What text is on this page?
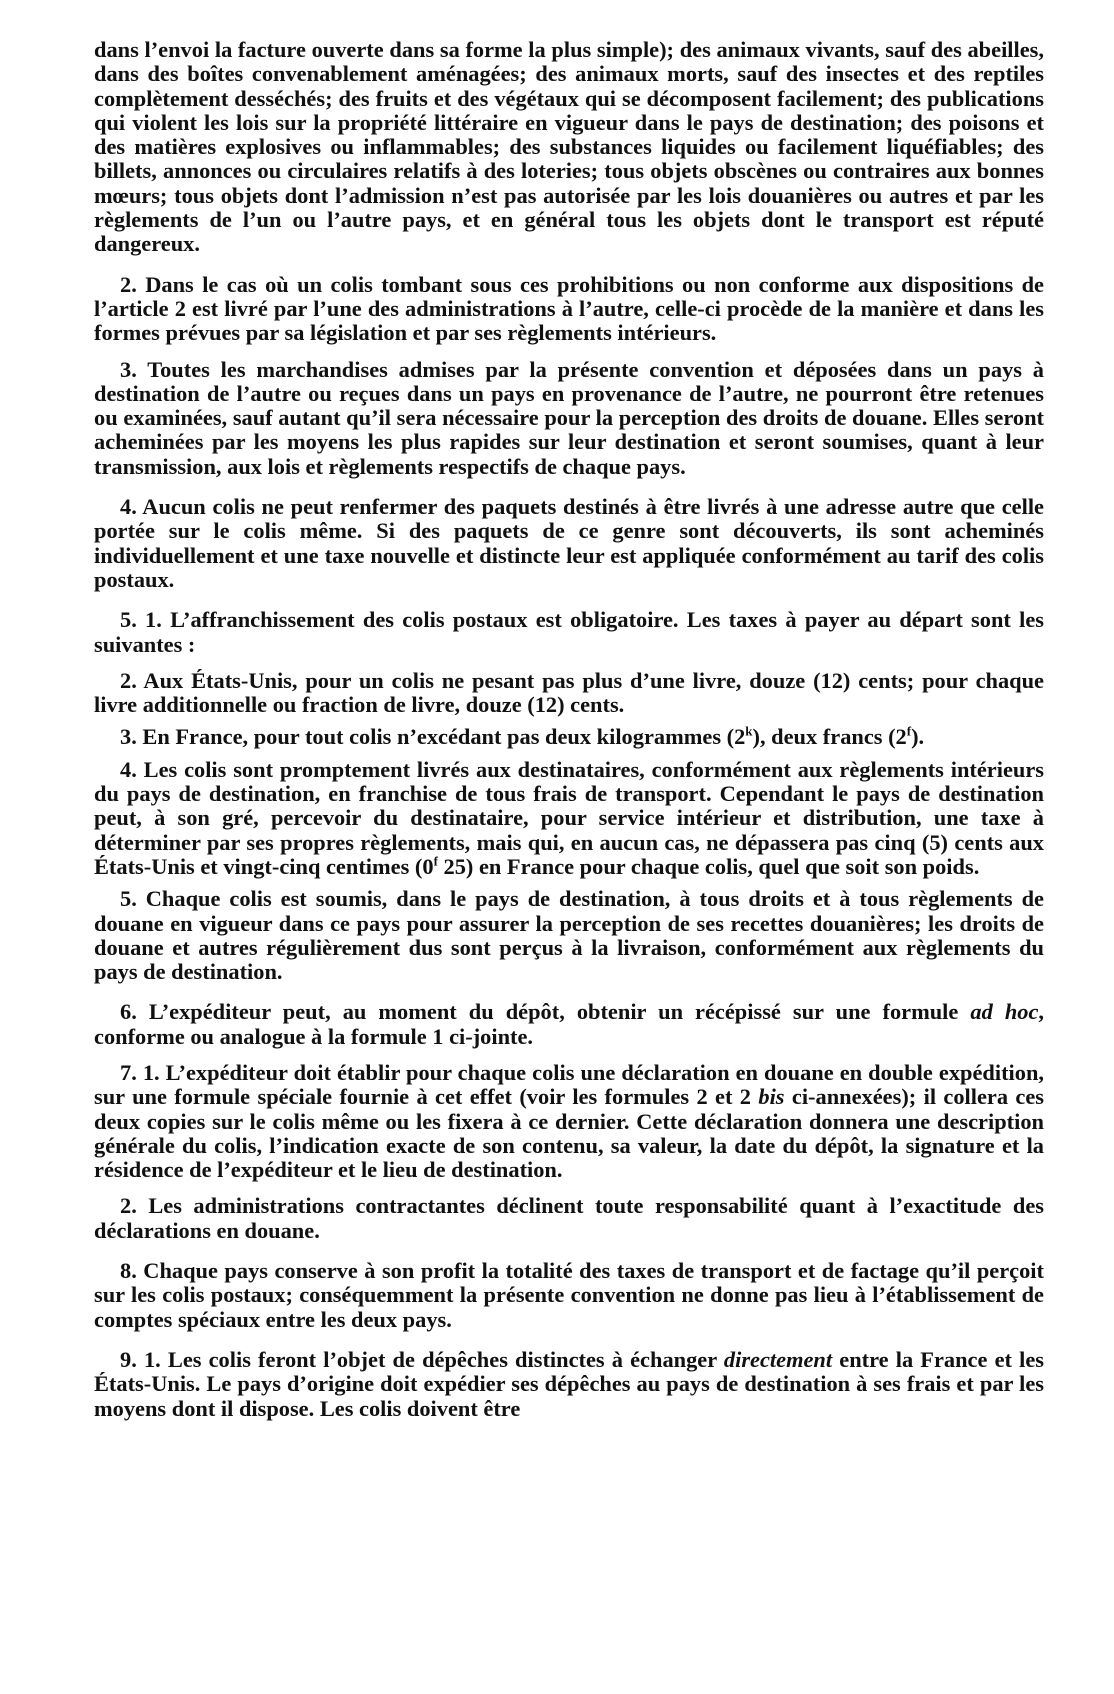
dans l’envoi la facture ouverte dans sa forme la plus simple); des animaux vivants, sauf des abeilles, dans des boîtes convenablement aménagées; des animaux morts, sauf des insectes et des reptiles complètement desséchés; des fruits et des végétaux qui se décomposent facilement; des publications qui violent les lois sur la propriété littéraire en vigueur dans le pays de destination; des poisons et des matières explosives ou inflammables; des substances liquides ou facilement liquéfiables; des billets, annonces ou circulaires relatifs à des loteries; tous objets obscènes ou contraires aux bonnes mœurs; tous objets dont l’admission n’est pas autorisée par les lois douanières ou autres et par les règlements de l’un ou l’autre pays, et en général tous les objets dont le transport est réputé dangereux.

2. Dans le cas où un colis tombant sous ces prohibitions ou non conforme aux dispositions de l’article 2 est livré par l’une des administrations à l’autre, celle-ci procède de la manière et dans les formes prévues par sa législation et par ses règlements intérieurs.

3. Toutes les marchandises admises par la présente convention et déposées dans un pays à destination de l’autre ou reçues dans un pays en provenance de l’autre, ne pourront être retenues ou examinées, sauf autant qu’il sera nécessaire pour la perception des droits de douane. Elles seront acheminées par les moyens les plus rapides sur leur destination et seront soumises, quant à leur transmission, aux lois et règlements respectifs de chaque pays.

4. Aucun colis ne peut renfermer des paquets destinés à être livrés à une adresse autre que celle portée sur le colis même. Si des paquets de ce genre sont découverts, ils sont acheminés individuellement et une taxe nouvelle et distincte leur est appliquée conformément au tarif des colis postaux.

5. 1. L’affranchissement des colis postaux est obligatoire. Les taxes à payer au départ sont les suivantes :

2. Aux États-Unis, pour un colis ne pesant pas plus d’une livre, douze (12) cents; pour chaque livre additionnelle ou fraction de livre, douze (12) cents.

3. En France, pour tout colis n’excédant pas deux kilogrammes (2$^k$), deux francs (2$^f$).

4. Les colis sont promptement livrés aux destinataires, conformément aux règlements intérieurs du pays de destination, en franchise de tous frais de transport. Cependant le pays de destination peut, à son gré, percevoir du destinataire, pour service intérieur et distribution, une taxe à déterminer par ses propres règlements, mais qui, en aucun cas, ne dépassera pas cinq (5) cents aux États-Unis et vingt-cinq centimes (0$^f$ 25) en France pour chaque colis, quel que soit son poids.

5. Chaque colis est soumis, dans le pays de destination, à tous droits et à tous règlements de douane en vigueur dans ce pays pour assurer la perception de ses recettes douanières; les droits de douane et autres régulièrement dus sont perçus à la livraison, conformément aux règlements du pays de destination.

6. L’expéditeur peut, au moment du dépôt, obtenir un récépissé sur une formule ad hoc, conforme ou analogue à la formule 1 ci-jointe.

7. 1. L’expéditeur doit établir pour chaque colis une déclaration en douane en double expédition, sur une formule spéciale fournie à cet effet (voir les formules 2 et 2 bis ci-annexées); il collera ces deux copies sur le colis même ou les fixera à ce dernier. Cette déclaration donnera une description générale du colis, l’indication exacte de son contenu, sa valeur, la date du dépôt, la signature et la résidence de l’expéditeur et le lieu de destination.

2. Les administrations contractantes déclinent toute responsabilité quant à l’exactitude des déclarations en douane.

8. Chaque pays conserve à son profit la totalité des taxes de transport et de factage qu’il perçoit sur les colis postaux; conséquemment la présente convention ne donne pas lieu à l’établissement de comptes spéciaux entre les deux pays.

9. 1. Les colis feront l’objet de dépêches distinctes à échanger directement entre la France et les États-Unis. Le pays d’origine doit expédier ses dépêches au pays de destination à ses frais et par les moyens dont il dispose. Les colis doivent être
